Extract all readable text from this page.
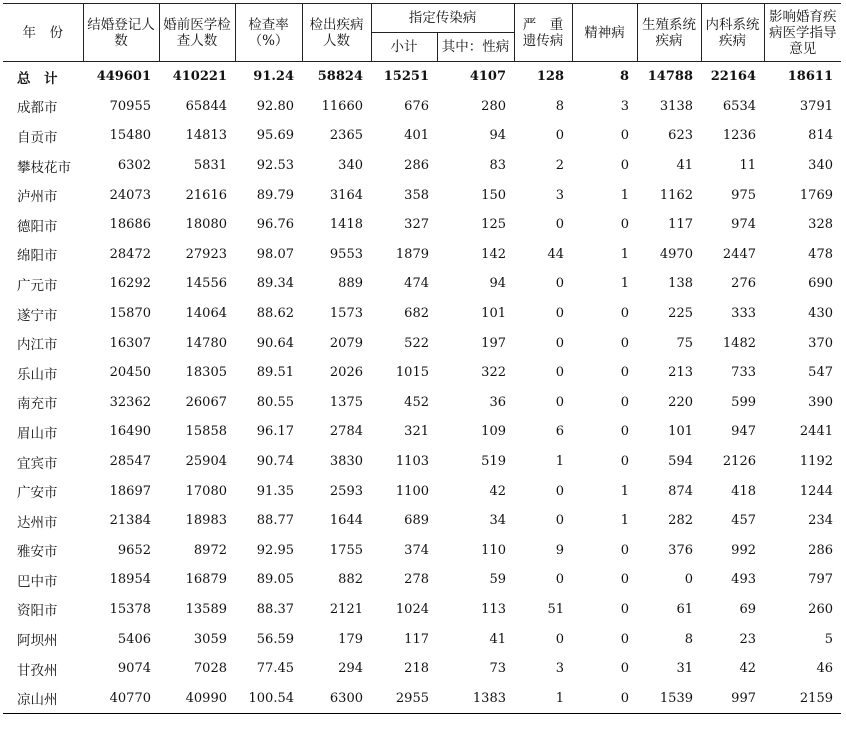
年　份	结婚登记人数	婚前医学检查人数	检查率（%）	检出疾病人数	指定传染病		严　重遗传病	精神病	生殖系统疾病	内科系统疾病	影响婚育疾病医学指导意见
					小计	其中：性病					
总　计	449601	410221	91.24	58824	15251	4107	128	8	14788	22164	18611
成都市	70955	65844	92.80	11660	676	280	8	3	3138	6534	3791
自贡市	15480	14813	95.69	2365	401	94	0	0	623	1236	814
攀枝花市	6302	5831	92.53	340	286	83	2	0	41	11	340
泸州市	24073	21616	89.79	3164	358	150	3	1	1162	975	1769
德阳市	18686	18080	96.76	1418	327	125	0	0	117	974	328
绵阳市	28472	27923	98.07	9553	1879	142	44	1	4970	2447	478
广元市	16292	14556	89.34	889	474	94	0	1	138	276	690
遂宁市	15870	14064	88.62	1573	682	101	0	0	225	333	430
内江市	16307	14780	90.64	2079	522	197	0	0	75	1482	370
乐山市	20450	18305	89.51	2026	1015	322	0	0	213	733	547
南充市	32362	26067	80.55	1375	452	36	0	0	220	599	390
眉山市	16490	15858	96.17	2784	321	109	6	0	101	947	2441
宜宾市	28547	25904	90.74	3830	1103	519	1	0	594	2126	1192
广安市	18697	17080	91.35	2593	1100	42	0	1	874	418	1244
达州市	21384	18983	88.77	1644	689	34	0	1	282	457	234
雅安市	9652	8972	92.95	1755	374	110	9	0	376	992	286
巴中市	18954	16879	89.05	882	278	59	0	0	0	493	797
资阳市	15378	13589	88.37	2121	1024	113	51	0	61	69	260
阿坝州	5406	3059	56.59	179	117	41	0	0	8	23	5
甘孜州	9074	7028	77.45	294	218	73	3	0	31	42	46
凉山州	40770	40990	100.54	6300	2955	1383	1	0	1539	997	2159
